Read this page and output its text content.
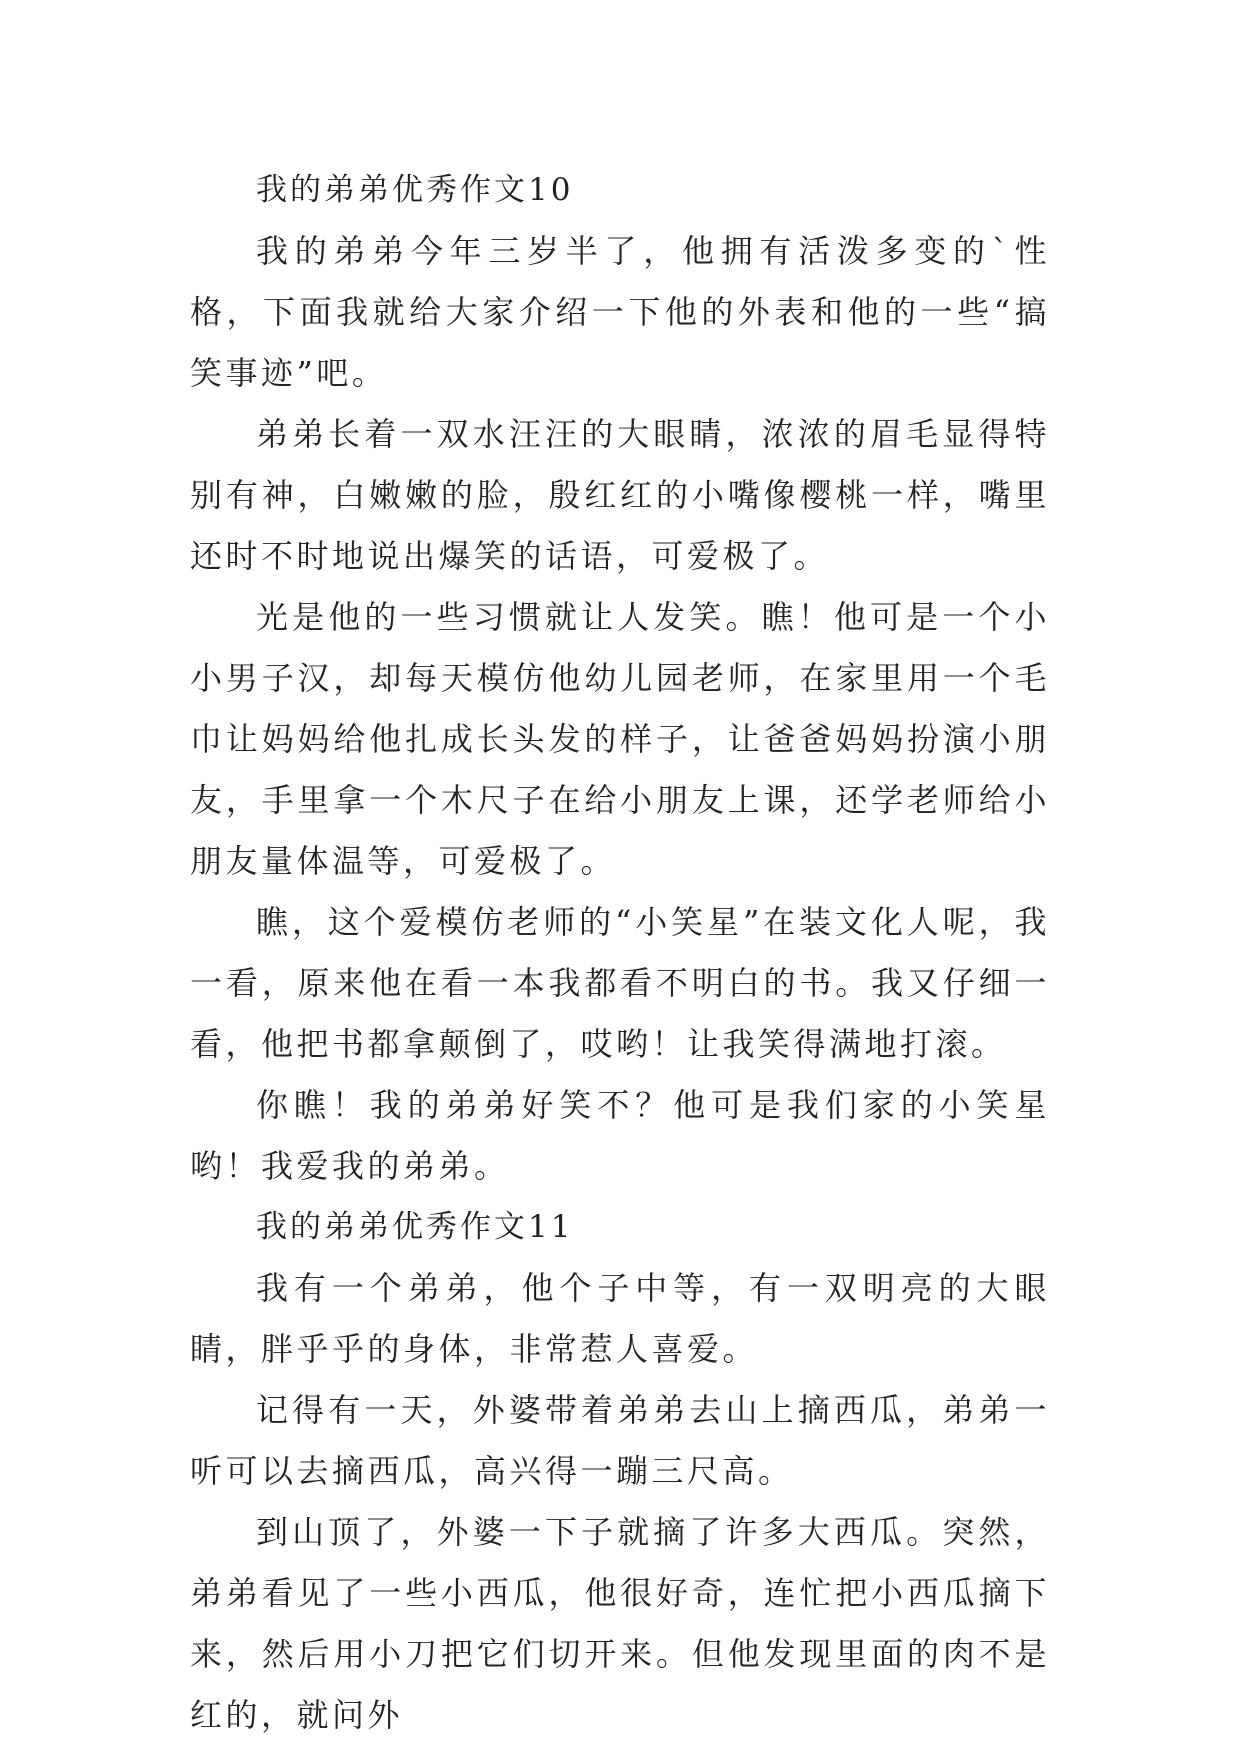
我的弟弟优秀作文10

我的弟弟今年三岁半了，他拥有活泼多变的`性格，下面我就给大家介绍一下他的外表和他的一些“搞笑事迹”吧。

弟弟长着一双水汪汪的大眼睛，浓浓的眉毛显得特别有神，白嫩嫩的脸，殷红红的小嘴像樱桃一样，嘴里还时不时地说出爆笑的话语，可爱极了。

光是他的一些习惯就让人发笑。瞧！他可是一个小小男子汉，却每天模仿他幼儿园老师，在家里用一个毛巾让妈妈给他扎成长头发的样子，让爸爸妈妈扮演小朋友，手里拿一个木尺子在给小朋友上课，还学老师给小朋友量体温等，可爱极了。

瞧，这个爱模仿老师的“小笑星”在装文化人呢，我一看，原来他在看一本我都看不明白的书。我又仔细一看，他把书都拿颠倒了，哎哟！让我笑得满地打滚。

你瞧！我的弟弟好笑不？他可是我们家的小笑星哟！我爱我的弟弟。

我的弟弟优秀作文11

我有一个弟弟，他个子中等，有一双明亮的大眼睛，胖乎乎的身体，非常惹人喜爱。

记得有一天，外婆带着弟弟去山上摘西瓜，弟弟一听可以去摘西瓜，高兴得一蹦三尺高。

到山顶了，外婆一下子就摘了许多大西瓜。突然，弟弟看见了一些小西瓜，他很好奇，连忙把小西瓜摘下来，然后用小刀把它们切开来。但他发现里面的肉不是红的，就问外
